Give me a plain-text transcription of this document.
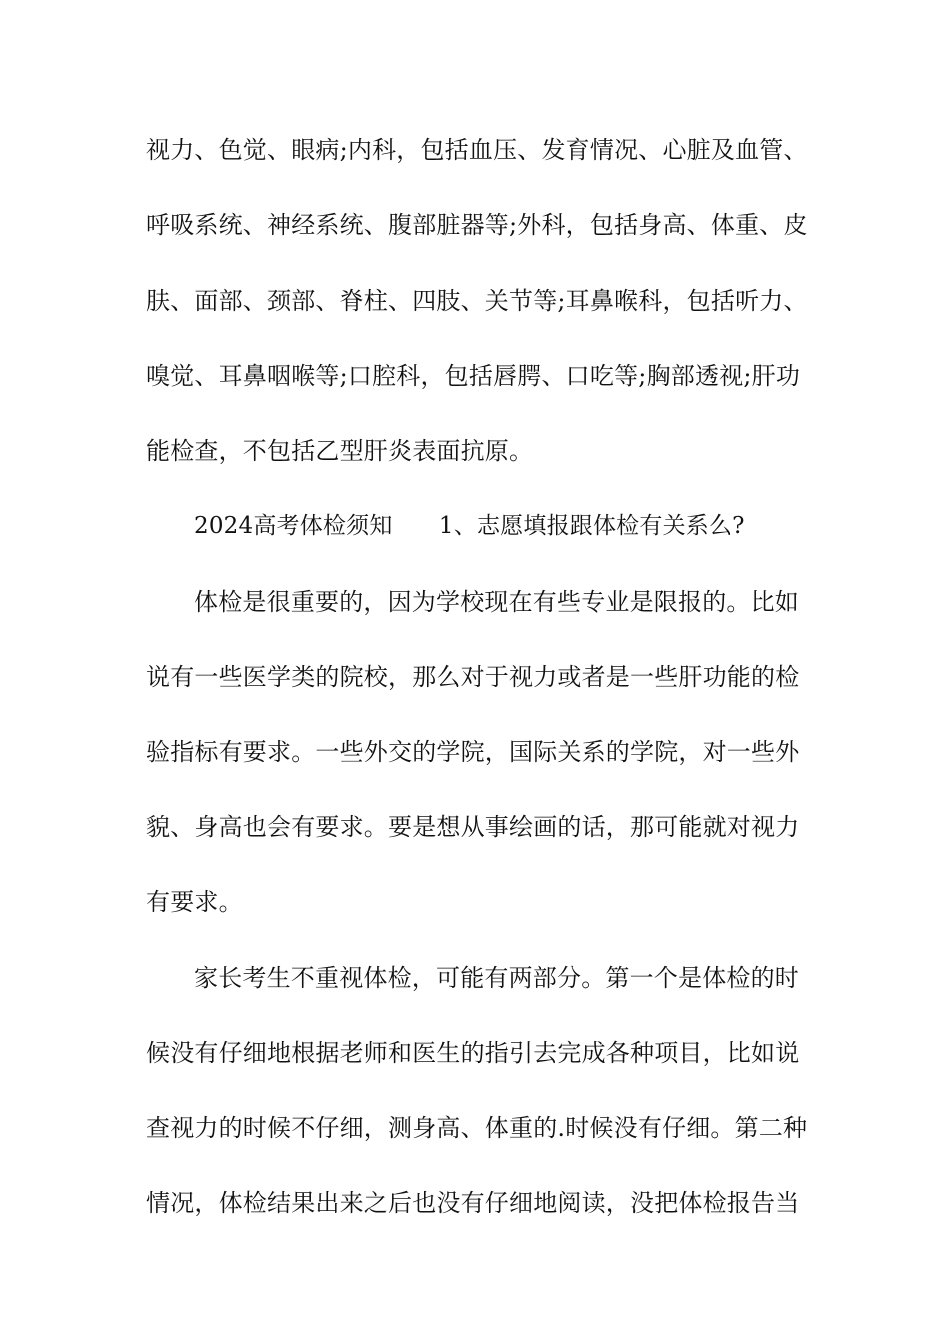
视力、色觉、眼病;内科，包括血压、发育情况、心脏及血管、
呼吸系统、神经系统、腹部脏器等;外科，包括身高、体重、皮
肤、面部、颈部、脊柱、四肢、关节等;耳鼻喉科，包括听力、
嗅觉、耳鼻咽喉等;口腔科，包括唇腭、口吃等;胸部透视;肝功
能检查，不包括乙型肝炎表面抗原。
2024高考体检须知　　1、志愿填报跟体检有关系么?
体检是很重要的，因为学校现在有些专业是限报的。比如
说有一些医学类的院校，那么对于视力或者是一些肝功能的检
验指标有要求。一些外交的学院，国际关系的学院，对一些外
貌、身高也会有要求。要是想从事绘画的话，那可能就对视力
有要求。
家长考生不重视体检，可能有两部分。第一个是体检的时
候没有仔细地根据老师和医生的指引去完成各种项目，比如说
查视力的时候不仔细，测身高、体重的.时候没有仔细。第二种
情况，体检结果出来之后也没有仔细地阅读，没把体检报告当
